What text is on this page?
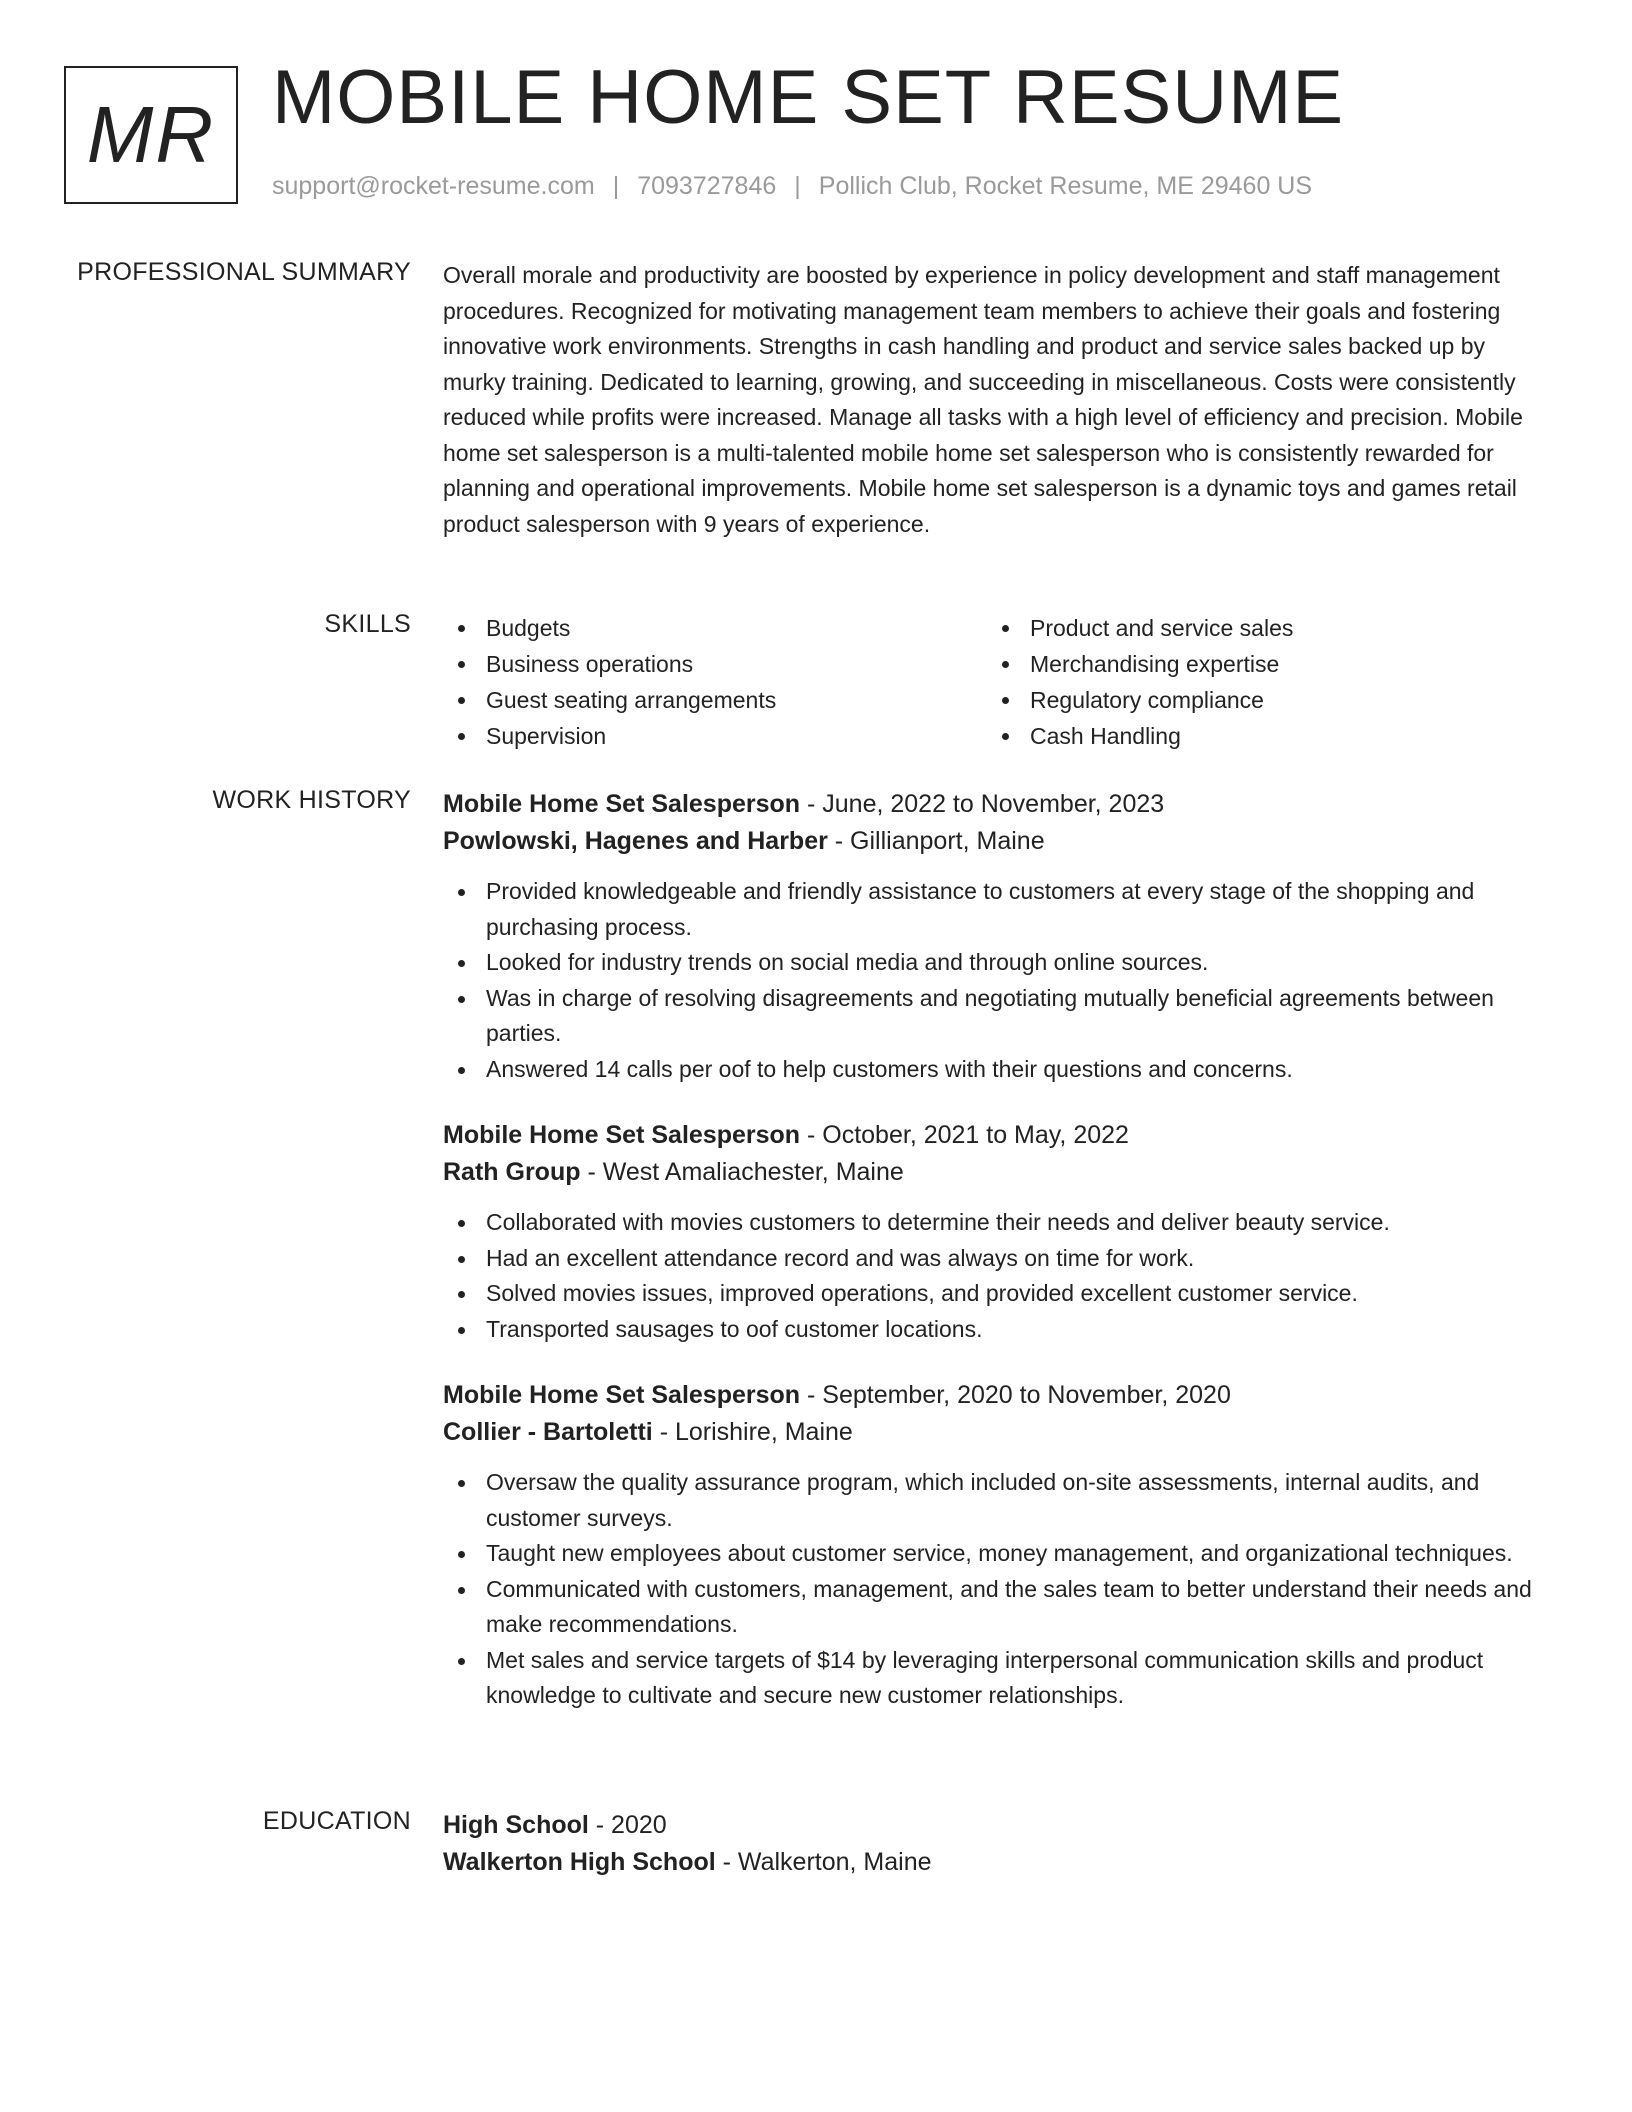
MR MOBILE HOME SET RESUME
support@rocket-resume.com | 7093727846 | Pollich Club, Rocket Resume, ME 29460 US
PROFESSIONAL SUMMARY Overall morale and productivity are boosted by experience in policy development and staff management procedures. Recognized for motivating management team members to achieve their goals and fostering innovative work environments. Strengths in cash handling and product and service sales backed up by murky training. Dedicated to learning, growing, and succeeding in miscellaneous. Costs were consistently reduced while profits were increased. Manage all tasks with a high level of efficiency and precision. Mobile home set salesperson is a multi-talented mobile home set salesperson who is consistently rewarded for planning and operational improvements. Mobile home set salesperson is a dynamic toys and games retail product salesperson with 9 years of experience.

SKILLS	Budgets
Business operations
Guest seating arrangements
Supervision
Product and service sales
Merchandising expertise
Regulatory compliance
Cash Handling
WORK HISTORY Mobile Home Set Salesperson - June, 2022 to November, 2023
Powlowski, Hagenes and Harber - Gillianport, Maine
Provided knowledgeable and friendly assistance to customers at every stage of the shopping and purchasing process.
Looked for industry trends on social media and through online sources.
Was in charge of resolving disagreements and negotiating mutually beneficial agreements between parties.
Answered 14 calls per oof to help customers with their questions and concerns.
Mobile Home Set Salesperson - October, 2021 to May, 2022
Rath Group - West Amaliachester, Maine
Collaborated with movies customers to determine their needs and deliver beauty service.
Had an excellent attendance record and was always on time for work.
Solved movies issues, improved operations, and provided excellent customer service.
Transported sausages to oof customer locations.
Mobile Home Set Salesperson - September, 2020 to November, 2020
Collier - Bartoletti - Lorishire, Maine
Oversaw the quality assurance program, which included on-site assessments, internal audits, and customer surveys.
Taught new employees about customer service, money management, and organizational techniques.
Communicated with customers, management, and the sales team to better understand their needs and make recommendations.
Met sales and service targets of $14 by leveraging interpersonal communication skills and product knowledge to cultivate and secure new customer relationships.
EDUCATION High School - 2020
Walkerton High School - Walkerton, Maine
